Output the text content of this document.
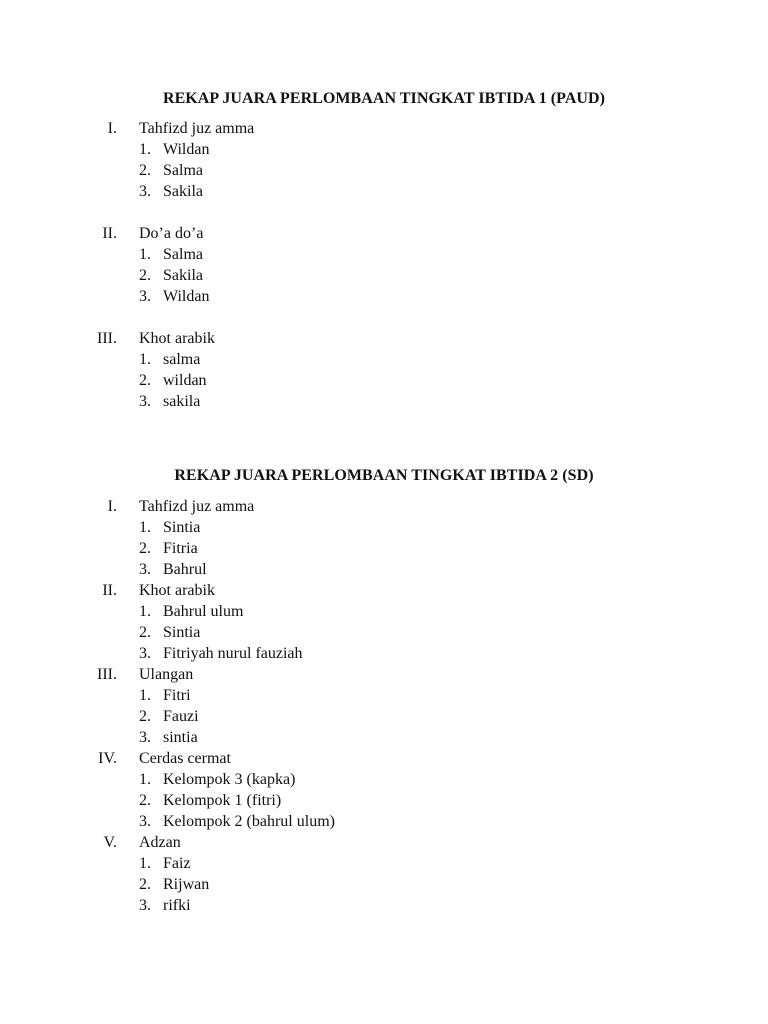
REKAP JUARA PERLOMBAAN TINGKAT IBTIDA 1 (PAUD)
I. Tahfizd juz amma
1. Wildan
2. Salma
3. Sakila
II. Do’a do’a
1. Salma
2. Sakila
3. Wildan
III. Khot arabik
1. salma
2. wildan
3. sakila
REKAP JUARA PERLOMBAAN TINGKAT IBTIDA 2 (SD)
I. Tahfizd juz amma
1. Sintia
2. Fitria
3. Bahrul
II. Khot arabik
1. Bahrul ulum
2. Sintia
3. Fitriyah nurul fauziah
III. Ulangan
1. Fitri
2. Fauzi
3. sintia
IV. Cerdas cermat
1. Kelompok 3 (kapka)
2. Kelompok 1 (fitri)
3. Kelompok 2 (bahrul ulum)
V. Adzan
1. Faiz
2. Rijwan
3. rifki
